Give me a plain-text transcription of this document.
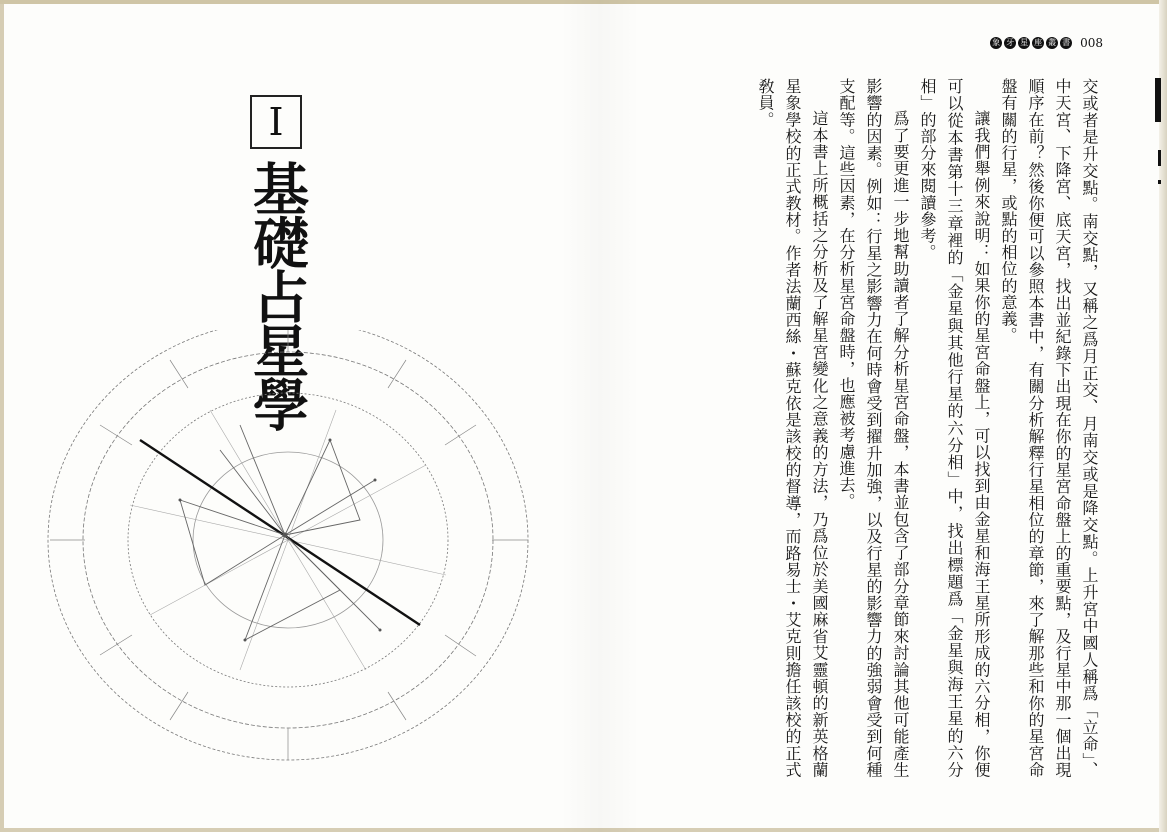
I
基礎占星學
象 牙 星 座 叢 書 008

交或者是升交點。南交點，又稱之爲月正交、月南交或是降交點。上升宮中國人稱爲「立命」、中天宮、下降宮、底天宮，找出並紀錄下出現在你的星宮命盤上的重要點，及行星中那一個出現順序在前？然後你便可以參照本書中，有關分析解釋行星相位的章節，來了解那些和你的星宮命盤有關的行星，或點的相位的意義。

讓我們舉例來說明：如果你的星宮命盤上，可以找到由金星和海王星所形成的六分相，你便可以從本書第十三章裡的「金星與其他行星的六分相」中，找出標題爲「金星與海王星的六分相」的部分來閱讀參考。

爲了要更進一步地幫助讀者了解分析星宮命盤，本書並包含了部分章節來討論其他可能產生影響的因素。例如：行星之影響力在何時會受到擢升加強，以及行星的影響力的強弱會受到何種支配等。這些因素，在分析星宮命盤時，也應被考慮進去。

這本書上所概括之分析及了解星宮變化之意義的方法，乃爲位於美國麻省艾靈頓的新英格蘭星象學校的正式教材。作者法蘭西絲・蘇克依是該校的督導，而路易士・艾克則擔任該校的正式敎員。
